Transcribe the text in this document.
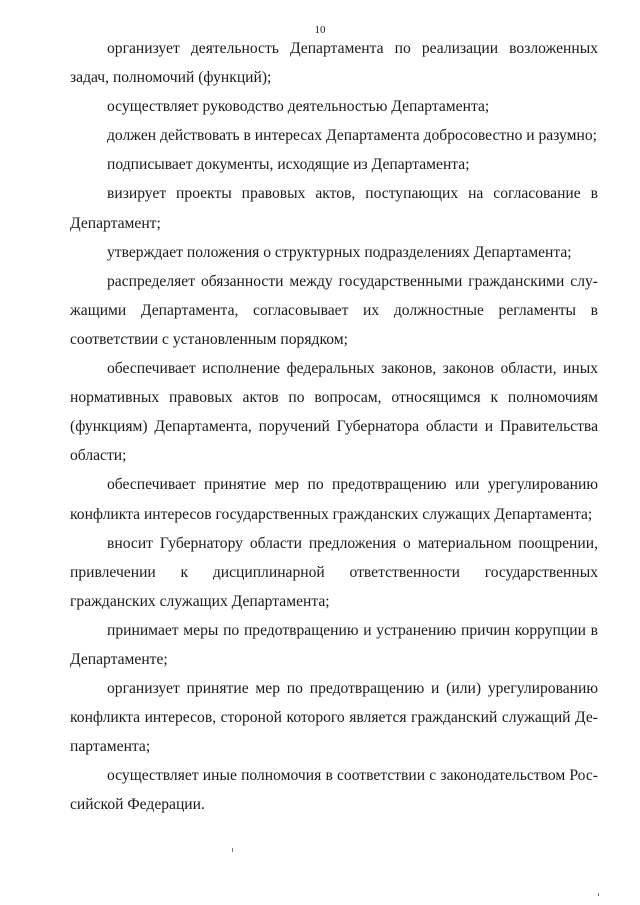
10

организует деятельность Департамента по реализации возложенных задач, полномочий (функций);

осуществляет руководство деятельностью Департамента;

должен действовать в интересах Департамента добросовестно и разумно;

подписывает документы, исходящие из Департамента;

визирует проекты правовых актов, поступающих на согласование в Департамент;

утверждает положения о структурных подразделениях Департамента;

распределяет обязанности между государственными гражданскими служащими Департамента, согласовывает их должностные регламенты в соответствии с установленным порядком;

обеспечивает исполнение федеральных законов, законов области, иных нормативных правовых актов по вопросам, относящимся к полномочиям (функциям) Департамента, поручений Губернатора области и Правительства области;

обеспечивает принятие мер по предотвращению или урегулированию конфликта интересов государственных гражданских служащих Департамента;

вносит Губернатору области предложения о материальном поощрении, привлечении к дисциплинарной ответственности государственных гражданских служащих Департамента;

принимает меры по предотвращению и устранению причин коррупции в Департаменте;

организует принятие мер по предотвращению и (или) урегулированию конфликта интересов, стороной которого является гражданский служащий Департамента;

осуществляет иные полномочия в соответствии с законодательством Российской Федерации.
